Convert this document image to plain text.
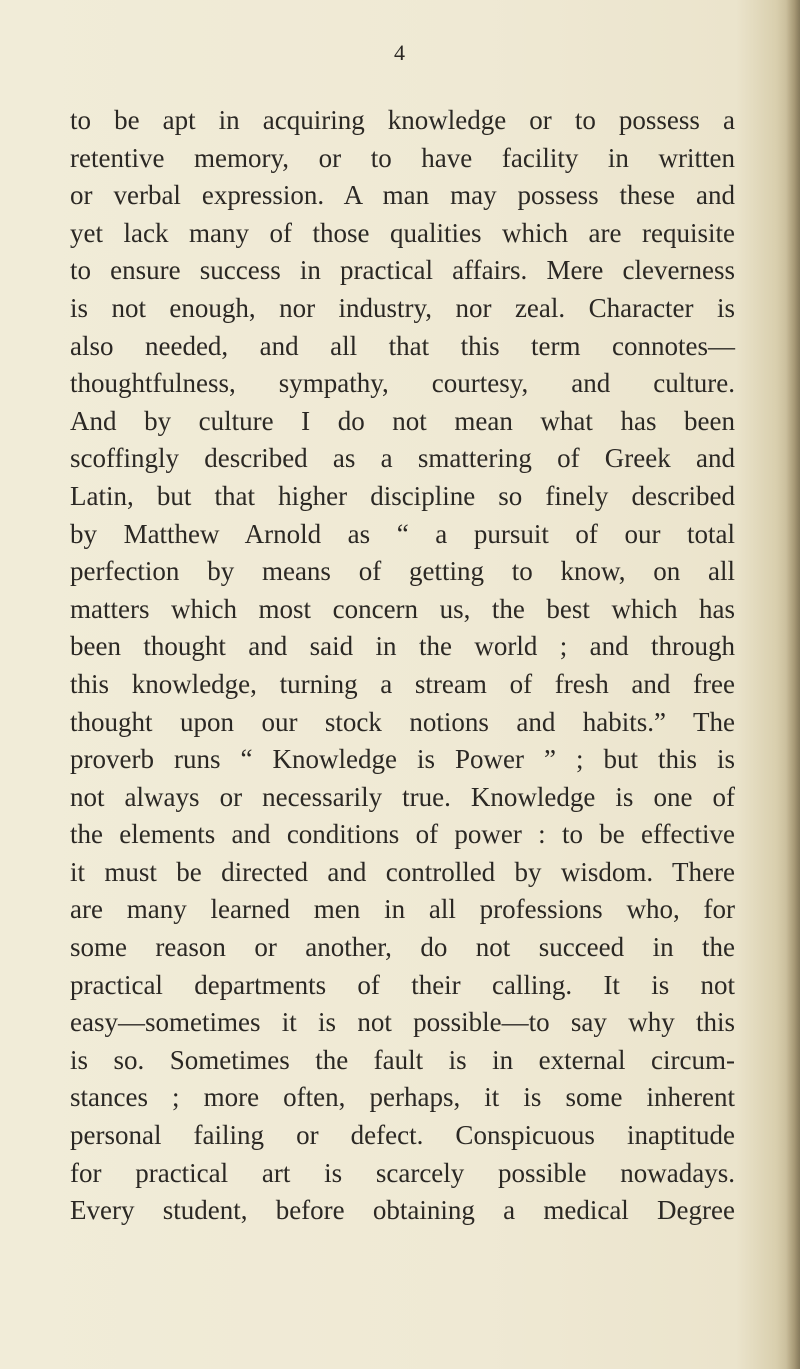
4
to be apt in acquiring knowledge or to possess a
retentive memory, or to have facility in written
or verbal expression. A man may possess these and
yet lack many of those qualities which are requisite
to ensure success in practical affairs. Mere cleverness
is not enough, nor industry, nor zeal. Character is
also needed, and all that this term connotes—
thoughtfulness, sympathy, courtesy, and culture.
And by culture I do not mean what has been
scoffingly described as a smattering of Greek and
Latin, but that higher discipline so finely described
by Matthew Arnold as “ a pursuit of our total
perfection by means of getting to know, on all
matters which most concern us, the best which has
been thought and said in the world ; and through
this knowledge, turning a stream of fresh and free
thought upon our stock notions and habits.” The
proverb runs “ Knowledge is Power ” ; but this is
not always or necessarily true. Knowledge is one of
the elements and conditions of power : to be effective
it must be directed and controlled by wisdom. There
are many learned men in all professions who, for
some reason or another, do not succeed in the
practical departments of their calling. It is not
easy—sometimes it is not possible—to say why this
is so. Sometimes the fault is in external circum-
stances ; more often, perhaps, it is some inherent
personal failing or defect. Conspicuous inaptitude
for practical art is scarcely possible nowadays.
Every student, before obtaining a medical Degree
